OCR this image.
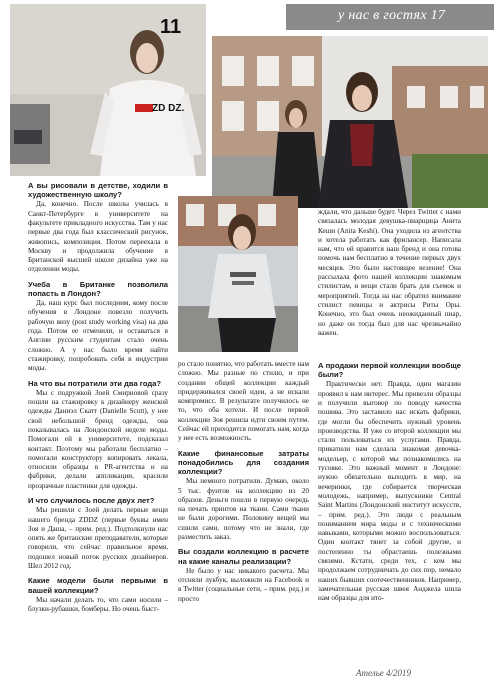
у нас в гостях 17
11
ZD DZ.
А вы рисовали в детстве, ходили в художественную школу?

Да, конечно. После школы училась в Санкт-Петербурге в университете на факультете прикладного искусства. Там у нас первые два года был классический рисунок, живопись, композиция. Потом переехала в Москву и продолжила обучение в Британской высшей школе дизайна уже на отделении моды.

Учеба в Британке позволила попасть в Лондон?

Да, наш курс был последним, кому после обучения в Лондоне повезло получить рабочую визу (post study working visa) на два года. Потом ее отменили, и оставаться в Англии русским студентам стало очень сложно. А у нас было время найти стажировку, попробовать себя в индустрии моды.

На что вы потратили эти два года?

Мы с подружкой Зоей Смирновой сразу пошли на стажировку к дизайнеру женской одежды Даниэл Скатт (Danielle Scutt), у нее свой небольшой бренд одежды, она показывалась на Лондонской неделе моды. Помогали ей в университете, подсказал контакт. Поэтому мы работали бесплатно – помогали конструктору копировать лекала, относили образцы в PR-агентства и на фабрики, делали аппликации, красили прозрачные пластинки для одежды.

И что случилось после двух лет?

Мы решили с Зоей делать первые вещи нашего бренда ZDDZ (первые буквы имен Зоя и Даша, – прим. ред.). Подтолкнули нас опять же британские преподаватели, которые говорили, что сейчас правильное время, подошел новый поток русских дизайнеров. Шел 2012 год.

Какие модели были первыми в вашей коллекции?

Мы начали делать то, что сами носили – блузки-рубашки, бомберы. Но очень быст-

ро стало понятно, что работать вместе нам сложно. Мы разные по стилю, и при создании общей коллекции каждый придерживался своей идеи, а не искали компромисс. В результате получилось не то, что оба хотели. И после первой коллекции Зоя решила идти своим путем. Сейчас ей приходится помогать нам, когда у нее есть возможность.

Какие финансовые затраты понадобились для создания коллекции?

Мы немного потратили. Думаю, около 5 тыс. фунтов на коллекцию из 20 образов. Деньги пошли в первую очередь на печать принтов на ткани. Сами ткани не были дорогими. Половину вещей мы сшили сами, потому что не знали, где разместить заказ.

Вы создали коллекцию в расчете на какие каналы реализации?

Не было у нас никакого расчета. Мы отсняли лукбук, выложили на Facebook и в Twitter (социальные сети, – прим. ред.) и просто

ждали, что дальше будет. Через Twitter с нами связалась молодая девушка-пиарщица Анита Кеши (Anita Keshi). Она уходила из агентства и хотела работать как фрилансер. Написала нам, что ей нравится наш бренд и она готова помочь нам бесплатно в течение первых двух месяцев. Это было настоящее везение! Она рассылала фото нашей коллекции знакомым стилистам, и вещи стали брать для съемок и мероприятий. Тогда на нас обратил внимание стилист певицы и актрисы Риты Оры. Конечно, это был очень неожиданный пиар, но даже он тогда был для нас чрезвычайно важен.

А продажи первой коллекции вообще были?

Практически нет. Правда, один магазин проявил к нам интерес. Мы привезли образцы и получили выговор по поводу качества пошива. Это заставило нас искать фабрики, где могли бы обеспечить нужный уровень производства. И уже со второй коллекции мы стали пользоваться их услугами. Правда, прикатили нам сделала знакомая девочка-модельер, с которой мы познакомились на тусовке. Это важный момент в Лондоне: нужно обязательно выходить в мир, на вечеринки, где собирается творческая молодежь, например, выпускники Central Saint Martins (Лондонский институт искусств, – прим. ред.). Это люди с реальным пониманием мира моды и с техническими навыками, которыми можно воспользоваться. Один контакт тянет за собой другие, и постепенно ты обрастаешь полезными связями. Кстати, среди тех, с кем мы продолжаем сотрудничать до сих пор, немало наших бывших соотечественников. Например, замечательная русская швея Анджела шила нам образцы для ито-

Ателье 4/2019
